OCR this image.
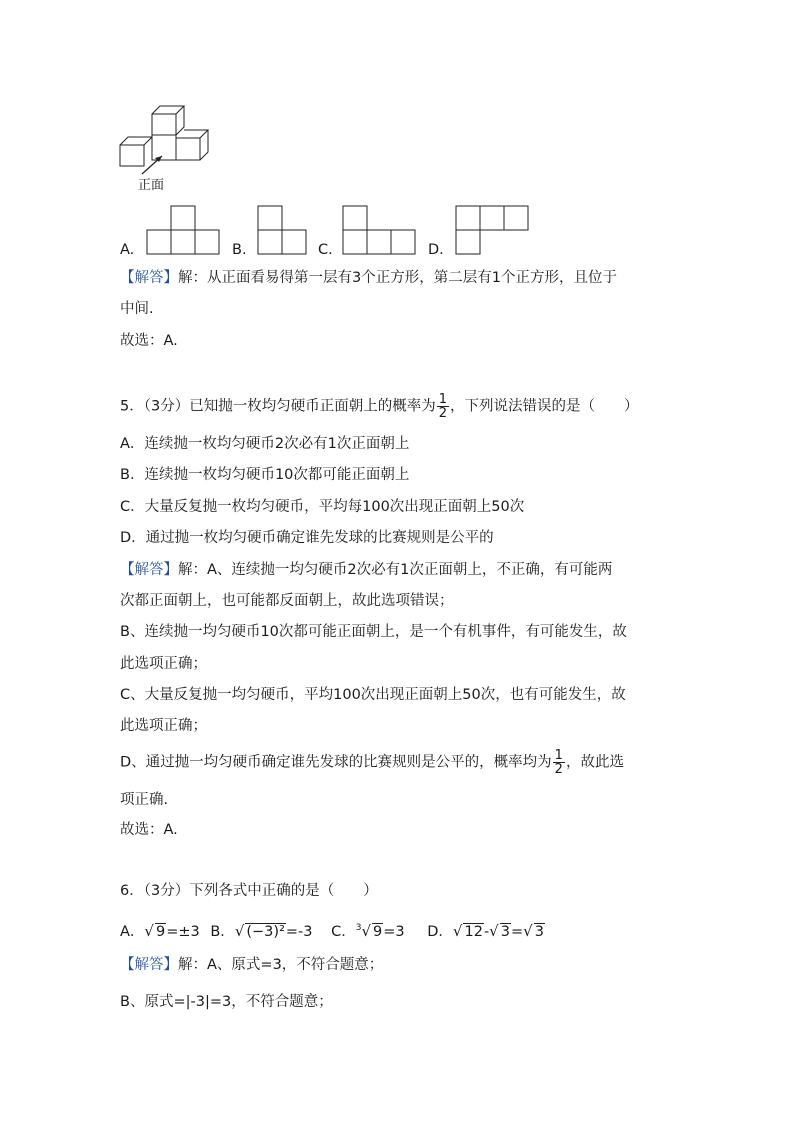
正面
A.	B.	C.	D.
【解答】解：从正面看易得第一层有3个正方形，第二层有1个正方形，且位于
中间.
故选：A.
5．（3分）已知抛一枚均匀硬币正面朝上的概率为 $\frac{1}{2}$ ，下列说法错误的是（　　）
A．连续抛一枚均匀硬币2次必有1次正面朝上
B．连续抛一枚均匀硬币10次都可能正面朝上
C．大量反复抛一枚均匀硬币，平均每100次出现正面朝上50次
D．通过抛一枚均匀硬币确定谁先发球的比赛规则是公平的
【解答】解：A、连续抛一均匀硬币2次必有1次正面朝上，不正确，有可能两
次都正面朝上，也可能都反面朝上，故此选项错误；
B、连续抛一均匀硬币10次都可能正面朝上，是一个有机事件，有可能发生，故
此选项正确；
C、大量反复抛一均匀硬币，平均100次出现正面朝上50次，也有可能发生，故
此选项正确；
D、通过抛一均匀硬币确定谁先发球的比赛规则是公平的，概率均为 $\frac{1}{2}$ ，故此选
项正确.
故选：A.
6．（3分）下列各式中正确的是（　　）
A．√ 9=±3 B．√ (−3)²=-3 C．$^3$√ 9=3 D．√ 12-√ 3=√ 3
【解答】解：A、原式=3，不符合题意；
B、原式=|-3|=3，不符合题意；
